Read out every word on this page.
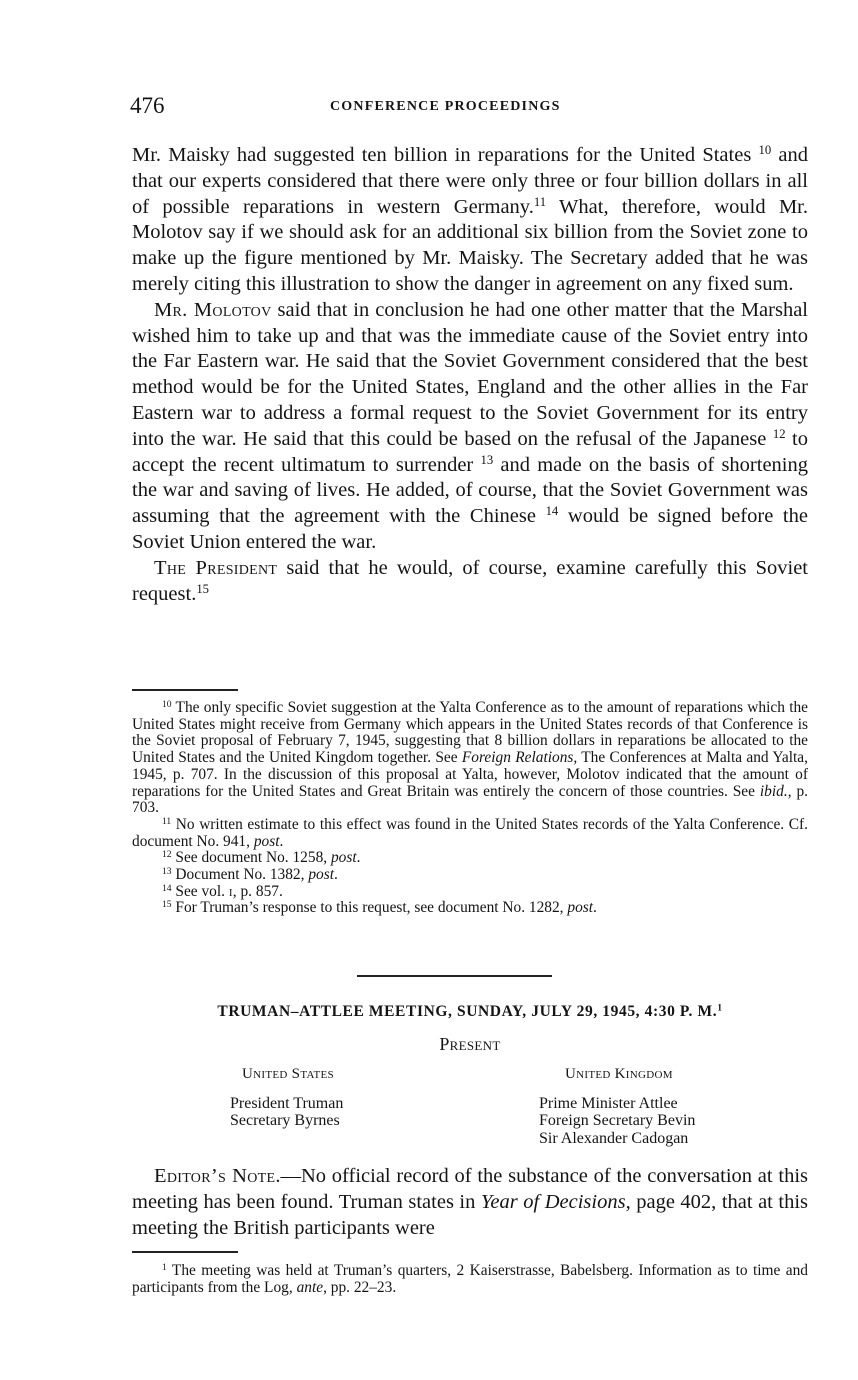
476	CONFERENCE PROCEEDINGS

Mr. Maisky had suggested ten billion in reparations for the United States $^{10}$ and that our experts considered that there were only three or four billion dollars in all of possible reparations in western Germany.$^{11}$ What, therefore, would Mr. Molotov say if we should ask for an additional six billion from the Soviet zone to make up the figure mentioned by Mr. Maisky. The Secretary added that he was merely citing this illustration to show the danger in agreement on any fixed sum.

Mr. Molotov said that in conclusion he had one other matter that the Marshal wished him to take up and that was the immediate cause of the Soviet entry into the Far Eastern war. He said that the Soviet Government considered that the best method would be for the United States, England and the other allies in the Far Eastern war to address a formal request to the Soviet Government for its entry into the war. He said that this could be based on the refusal of the Japanese $^{12}$ to accept the recent ultimatum to surrender $^{13}$ and made on the basis of shortening the war and saving of lives. He added, of course, that the Soviet Government was assuming that the agreement with the Chinese $^{14}$ would be signed before the Soviet Union entered the war.

The President said that he would, of course, examine carefully this Soviet request.$^{15}$

$^{10}$ The only specific Soviet suggestion at the Yalta Conference as to the amount of reparations which the United States might receive from Germany which appears in the United States records of that Conference is the Soviet proposal of February 7, 1945, suggesting that 8 billion dollars in reparations be allocated to the United States and the United Kingdom together. See Foreign Relations, The Conferences at Malta and Yalta, 1945, p. 707. In the discussion of this proposal at Yalta, however, Molotov indicated that the amount of reparations for the United States and Great Britain was entirely the concern of those countries. See ibid., p. 703.

$^{11}$ No written estimate to this effect was found in the United States records of the Yalta Conference. Cf. document No. 941, post.

$^{12}$ See document No. 1258, post.

$^{13}$ Document No. 1382, post.

$^{14}$ See vol. i, p. 857.

$^{15}$ For Truman’s response to this request, see document No. 1282, post.

TRUMAN–ATTLEE MEETING, SUNDAY, JULY 29, 1945, 4:30 P. M.$^1$
Present
United States
President Truman
Secretary Byrnes
United Kingdom
Prime Minister Attlee
Foreign Secretary Bevin
Sir Alexander Cadogan

Editor’s Note.—No official record of the substance of the conversation at this meeting has been found. Truman states in Year of Decisions, page 402, that at this meeting the British participants were

$^1$ The meeting was held at Truman’s quarters, 2 Kaiserstrasse, Babelsberg. Information as to time and participants from the Log, ante, pp. 22–23.
